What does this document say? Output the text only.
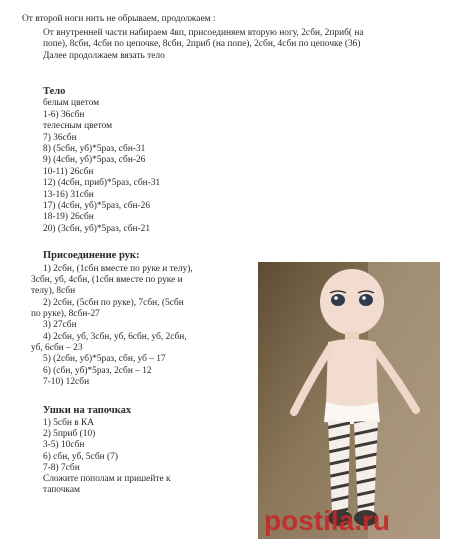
От второй ноги нить не обрываем, продолжаем :
От внутренней части набираем 4вп, присоединяем вторую ногу, 2сбн, 2приб( на
попе), 8сбн, 4сбн по цепочке, 8сбн, 2приб (на попе), 2сбн, 4сбн по цепочке (36)
Далее продолжаем вязать тело
Тело
белым цветом
1-6) 36сбн
телесным цветом
7) 36сбн
8) (5сбн, уб)*5раз, сбн-31
9) (4сбн, уб)*5раз, сбн-26
10-11) 26сбн
12) (4сбн, приб)*5раз, сбн-31
13-16) 31сбн
17) (4сбн, уб)*5раз, сбн-26
18-19) 26сбн
20) (3сбн, уб)*5раз, сбн-21
Присоединение рук:
1) 2сбн, (1сбн вместе по руке и телу),
3сбн, уб, 4сбн, (1сбн вместе по руке и
телу), 8сбн
2) 2сбн, (5сбн по руке), 7сбн, (5сбн
по руке), 8сбн-27
3) 27сбн
4) 2сбн, уб, 3сбн, уб, 6сбн, уб, 2сбн,
уб, 6сбн – 23
5) (2сбн, уб)*5раз, сбн, уб – 17
6) (сбн, уб)*5раз, 2сбн – 12
7-10) 12сбн
Ушки на тапочках
1) 5сбн в КА
2) 5приб (10)
3-5) 10сбн
6) сбн, уб, 5сбн (7)
7-8) 7сбн
Сложите пополам и пришейте к
тапочкам
postila.ru
